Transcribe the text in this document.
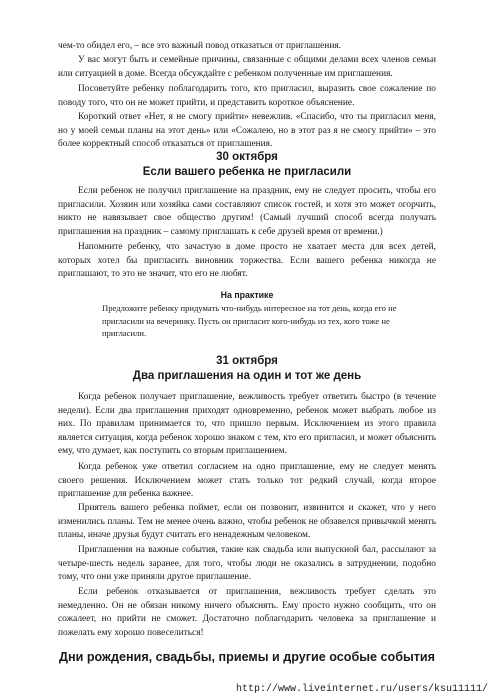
чем-то обидел его, – все это важный повод отказаться от приглашения.

У вас могут быть и семейные причины, связанные с общими делами всех членов семьи или ситуацией в доме. Всегда обсуждайте с ребенком полученные им приглашения.

Посоветуйте ребенку поблагодарить того, кто пригласил, выразить свое сожаление по поводу того, что он не может прийти, и представить короткое объяснение.

Короткий ответ «Нет, я не смогу прийти» невежлив. «Спасибо, что ты пригласил меня, но у моей семьи планы на этот день» или «Сожалею, но в этот раз я не смогу прийти» – это более корректный способ отказаться от приглашения.

30 октября
Если вашего ребенка не пригласили

Если ребенок не получил приглашение на праздник, ему не следует просить, чтобы его пригласили. Хозяин или хозяйка сами составляют список гостей, и хотя это может огорчить, никто не навязывает свое общество другим! (Самый лучший способ всегда получать приглашения на праздник – самому приглашать к себе друзей время от времени.)

Напомните ребенку, что зачастую в доме просто не хватает места для всех детей, которых хотел бы пригласить виновник торжества. Если вашего ребенка никогда не приглашают, то это не значит, что его не любят.

На практике

Предложите ребенку придумать что-нибудь интересное на тот день, когда его не пригласили на вечеринку. Пусть он пригласит кого-нибудь из тех, кого тоже не пригласили.

31 октября
Два приглашения на один и тот же день

Когда ребенок получает приглашение, вежливость требует ответить быстро (в течение недели). Если два приглашения приходят одновременно, ребенок может выбрать любое из них. По правилам принимается то, что пришло первым. Исключением из этого правила является ситуация, когда ребенок хорошо знаком с тем, кто его пригласил, и может объяснить ему, что думает, как поступить со вторым приглашением.

Когда ребенок уже ответил согласием на одно приглашение, ему не следует менять своего решения. Исключением может стать только тот редкий случай, когда второе приглашение для ребенка важнее.

Приятель вашего ребенка поймет, если он позвонит, извинится и скажет, что у него изменились планы. Тем не менее очень важно, чтобы ребенок не обзавелся привычкой менять планы, иначе друзья будут считать его ненадежным человеком.

Приглашения на важные события, такие как свадьба или выпускной бал, рассылают за четыре-шесть недель заранее, для того, чтобы люди не оказались в затруднении, подобно тому, что они уже приняли другое приглашение.

Если ребенок отказывается от приглашения, вежливость требует сделать это немедленно. Он не обязан никому ничего объяснять. Ему просто нужно сообщить, что он сожалеет, но прийти не сможет. Достаточно поблагодарить человека за приглашение и пожелать ему хорошо повеселиться!

Дни рождения, свадьбы, приемы и другие особые события
http://www.liveinternet.ru/users/ksu11111/
